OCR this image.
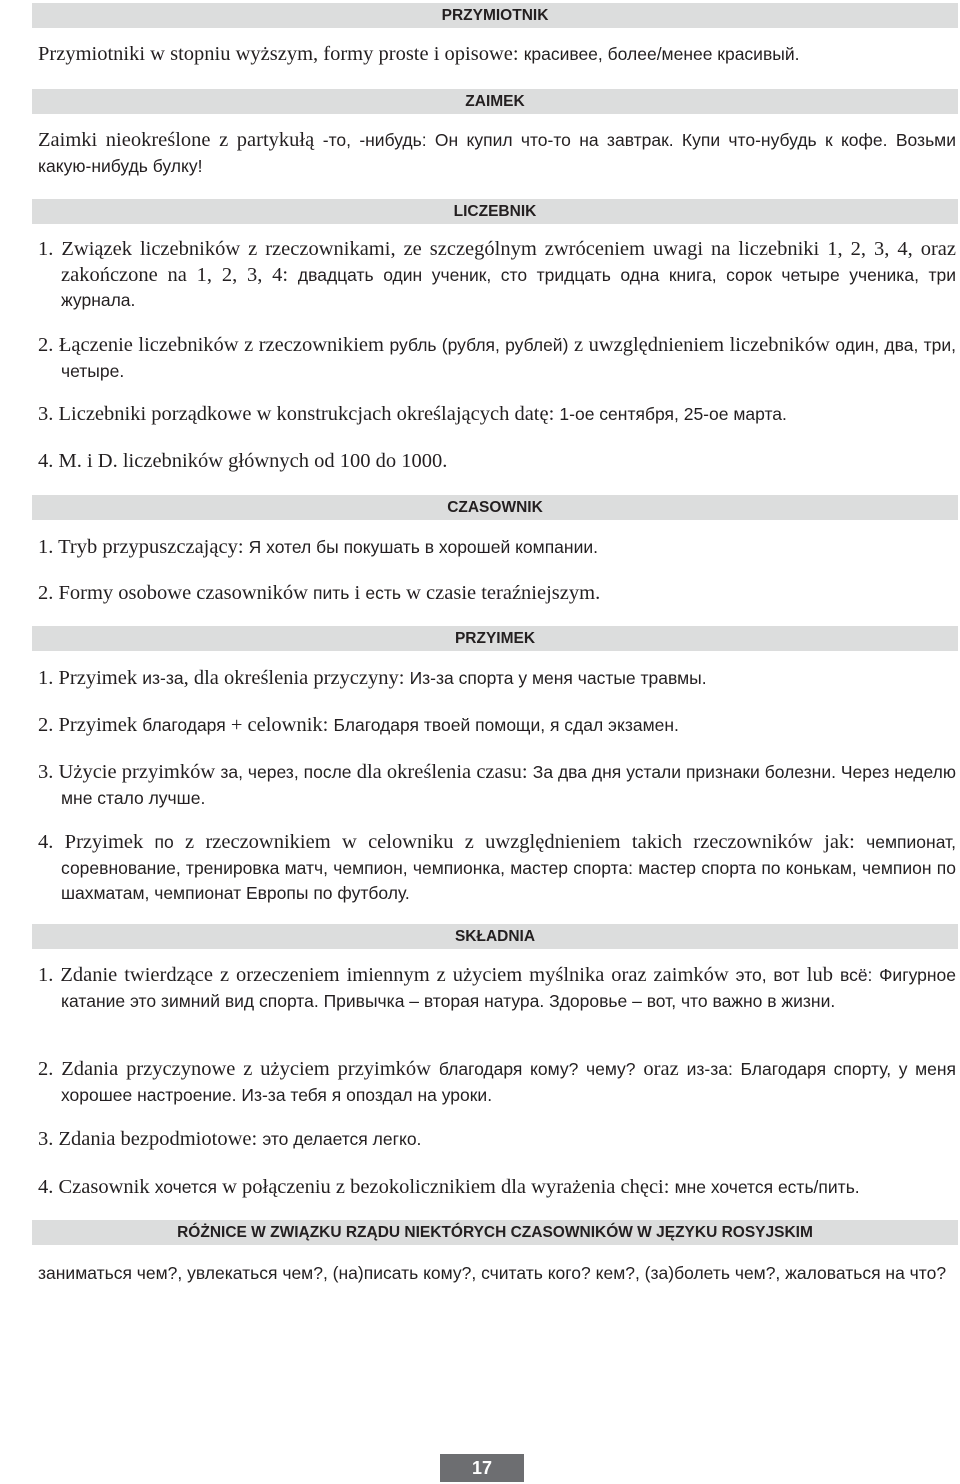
PRZYMIOTNIK
Przymiotniki w stopniu wyższym, formy proste i opisowe: красивее, более/менее красивый.
ZAIMEK
Zaimki nieokreślone z partykułą -то, -нибудь: Он купил что-то на завтрак. Купи что-нубудь к кофе. Возьми какую-нибудь булку!
LICZEBNIK
1. Związek liczebników z rzeczownikami, ze szczególnym zwróceniem uwagi na liczebniki 1, 2, 3, 4, oraz zakończone na 1, 2, 3, 4: двадцать один ученик, сто тридцать одна книга, сорок четыре ученика, три журнала.
2. Łączenie liczebników z rzeczownikiem рубль (рубля, рублей) z uwzględnieniem liczebników один, два, три, четыре.
3. Liczebniki porządkowe w konstrukcjach określających datę: 1-ое сентября, 25-ое марта.
4. M. i D. liczebników głównych od 100 do 1000.
CZASOWNIK
1. Tryb przypuszczający: Я хотел бы покушать в хорошей компании.
2. Formy osobowe czasowników пить i есть w czasie teraźniejszym.
PRZYIMEK
1. Przyimek из-за, dla określenia przyczyny: Из-за спорта у меня частые травмы.
2. Przyimek благодаря + celownik: Благодаря твоей помощи, я сдал экзамен.
3. Użycie przyimków за, через, после dla określenia czasu: За два дня устали признаки болезни. Через неделю мне стало лучше.
4. Przyimek по z rzeczownikiem w celowniku z uwzględnieniem takich rzeczowników jak: чемпионат, соревнование, тренировка матч, чемпион, чемпионка, мастер спорта: мастер спорта по конькам, чемпион по шахматам, чемпионат Европы по футболу.
SKŁADNIA
1. Zdanie twierdzące z orzeczeniem imiennym z użyciem myślnika oraz zaimków это, вот lub всё: Фигурное катание это зимний вид спорта. Привычка – вторая натура. Здоровье – вот, что важно в жизни.
2. Zdania przyczynowe z użyciem przyimków благодаря кому? чему? oraz из-за: Благодаря спорту, у меня хорошее настроение. Из-за тебя я опоздал на уроки.
3. Zdania bezpodmiotowe: это делается легко.
4. Czasownik хочется w połączeniu z bezokolicznikiem dla wyrażenia chęci: мне хочется есть/пить.
RÓŻNICE W ZWIĄZKU RZĄDU NIEKTÓRYCH CZASOWNIKÓW W JĘZYKU ROSYJSKIM
заниматься чем?, увлекаться чем?, (на)писать кому?, считать кого? кем?, (за)болеть чем?, жаловаться на что?
17
